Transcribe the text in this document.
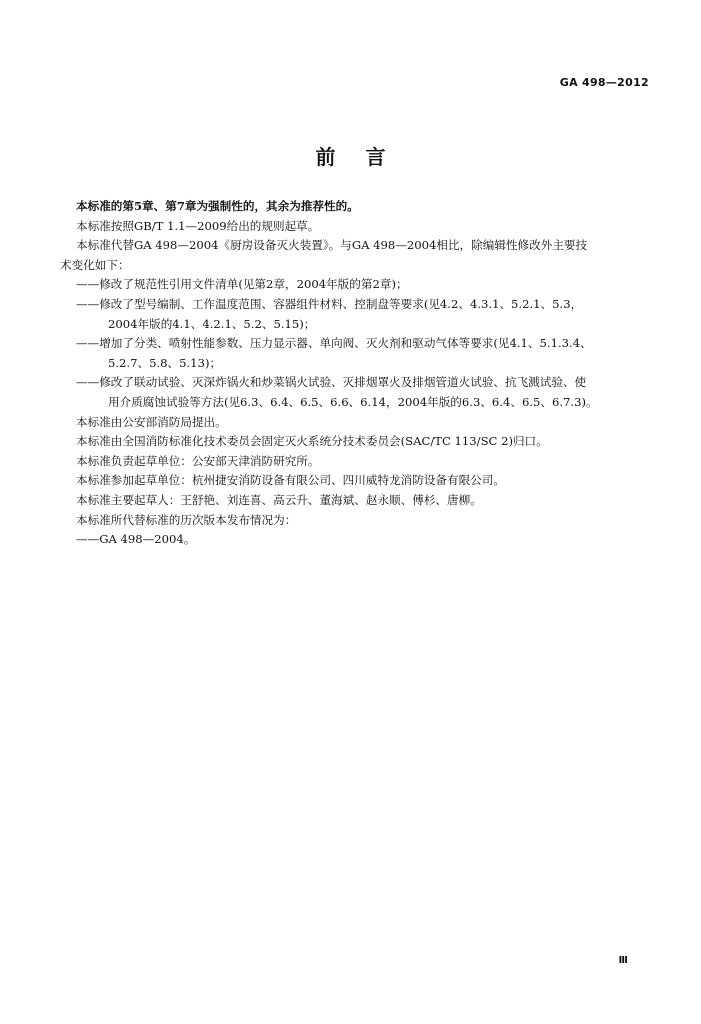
GA 498—2012
前言

本标准的第5章、第7章为强制性的，其余为推荐性的。

本标准按照GB/T 1.1—2009给出的规则起草。

本标准代替GA 498—2004《厨房设备灭火装置》。与GA 498—2004相比，除编辑性修改外主要技
术变化如下：

——修改了规范性引用文件清单(见第2章，2004年版的第2章)；

——修改了型号编制、工作温度范围、容器组件材料、控制盘等要求(见4.2、4.3.1、5.2.1、5.3，
2004年版的4.1、4.2.1、5.2、5.15)；

——增加了分类、喷射性能参数、压力显示器、单向阀、灭火剂和驱动气体等要求(见4.1、5.1.3.4、
5.2.7、5.8、5.13)；

——修改了联动试验、灭深炸锅火和炒菜锅火试验、灭排烟罩火及排烟管道火试验、抗飞溅试验、使
用介质腐蚀试验等方法(见6.3、6.4、6.5、6.6、6.14，2004年版的6.3、6.4、6.5、6.7.3)。

本标准由公安部消防局提出。

本标准由全国消防标准化技术委员会固定灭火系统分技术委员会(SAC/TC 113/SC 2)归口。

本标准负责起草单位：公安部天津消防研究所。

本标准参加起草单位：杭州捷安消防设备有限公司、四川威特龙消防设备有限公司。

本标准主要起草人：王舒艳、刘连喜、高云升、董海斌、赵永顺、傅杉、唐柳。

本标准所代替标准的历次版本发布情况为：

——GA 498—2004。

Ⅲ
